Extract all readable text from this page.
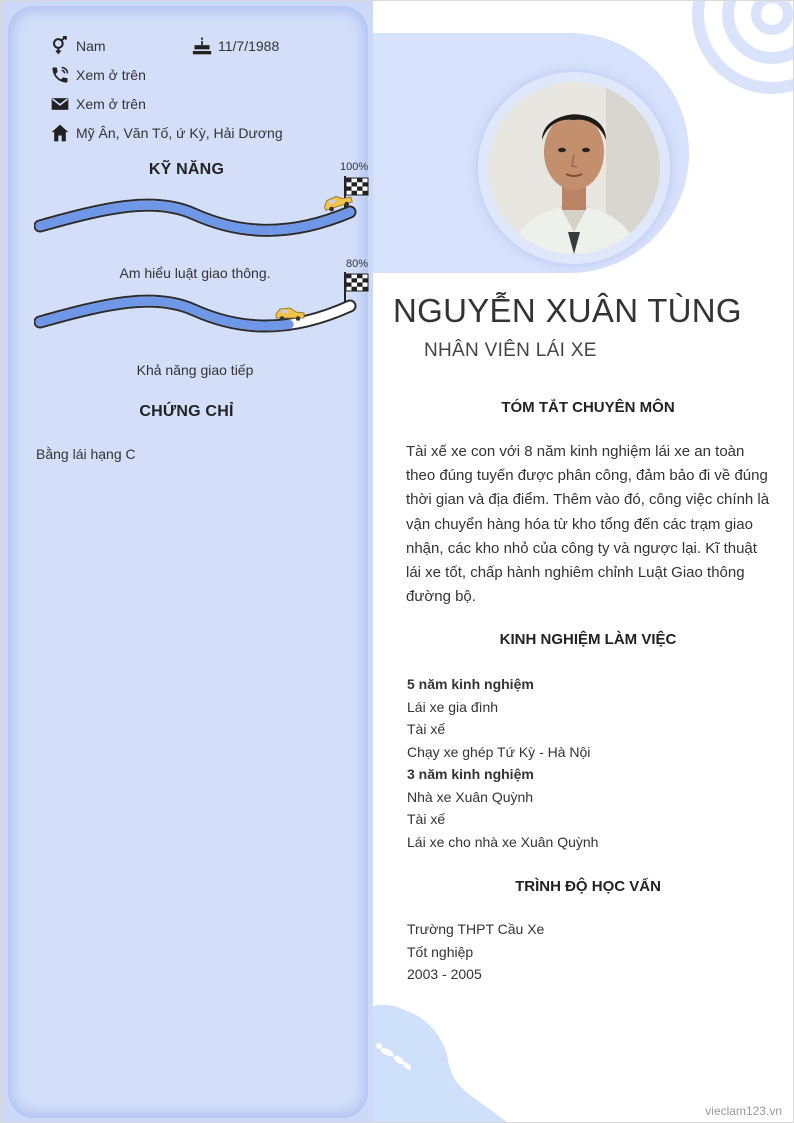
Nam	11/7/1988
Xem ở trên
Xem ở trên
Mỹ Ân, Văn Tố, ứ Kỳ, Hải Dương
KỸ NĂNG	100%
Am hiểu luật giao thông.
80%
Khả năng giao tiếp
CHỨNG CHỈ
Bằng lái hạng C
NGUYỄN XUÂN TÙNG
NHÂN VIÊN LÁI XE
TÓM TẮT CHUYÊN MÔN
Tài xế xe con với 8 năm kinh nghiệm lái xe an toàn theo đúng tuyến được phân công, đảm bảo đi về đúng thời gian và địa điểm. Thêm vào đó, công việc chính là vận chuyển hàng hóa từ kho tổng đến các trạm giao nhận, các kho nhỏ của công ty và ngược lại. Kĩ thuật lái xe tốt, chấp hành nghiêm chỉnh Luật Giao thông đường bộ.
KINH NGHIỆM LÀM VIỆC
5 năm kinh nghiệm
Lái xe gia đình
Tài xế
Chạy xe ghép Tứ Kỳ - Hà Nội
3 năm kinh nghiệm
Nhà xe Xuân Quỳnh
Tài xế
Lái xe cho nhà xe Xuân Quỳnh
TRÌNH ĐỘ HỌC VẤN
Trường THPT Cầu Xe
Tốt nghiệp
2003 - 2005
vieclam123.vn
